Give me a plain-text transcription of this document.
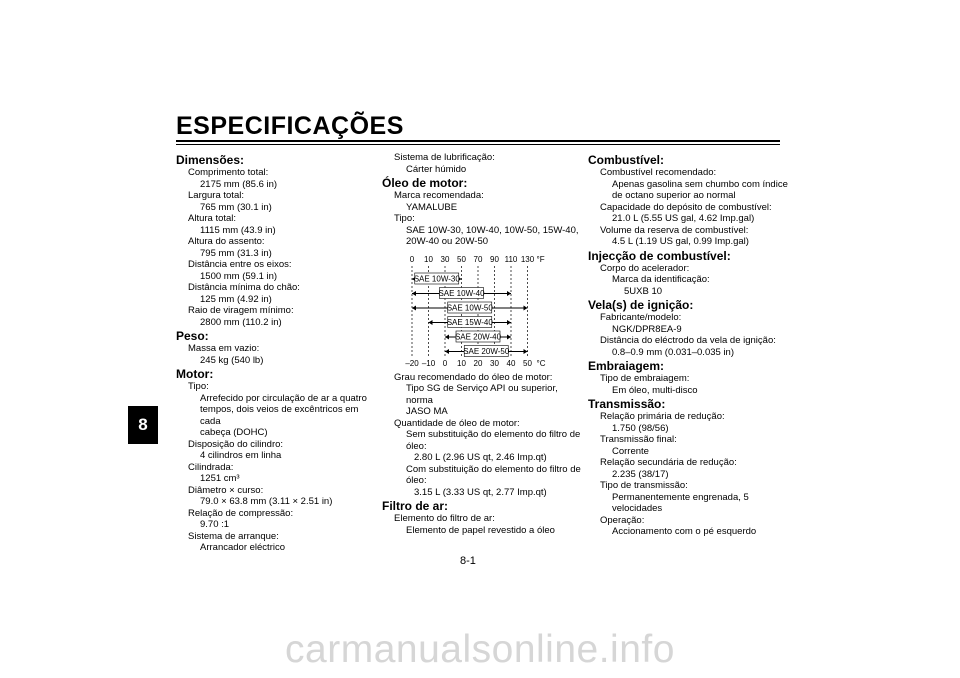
ESPECIFICAÇÕES
8
Dimensões:
Comprimento total:
2175 mm (85.6 in)
Largura total:
765 mm (30.1 in)
Altura total:
1115 mm (43.9 in)
Altura do assento:
795 mm (31.3 in)
Distância entre os eixos:
1500 mm (59.1 in)
Distância mínima do chão:
125 mm (4.92 in)
Raio de viragem mínimo:
2800 mm (110.2 in)
Peso:
Massa em vazio:
245 kg (540 lb)
Motor:
Tipo:
Arrefecido por circulação de ar a quatro
tempos, dois veios de excêntricos em cada
cabeça (DOHC)
Disposição do cilindro:
4 cilindros em linha
Cilindrada:
1251 cm³
Diâmetro × curso:
79.0 × 63.8 mm (3.11 × 2.51 in)
Relação de compressão:
9.70 :1
Sistema de arranque:
Arrancador eléctrico
Sistema de lubrificação:
Cárter húmido
Óleo de motor:
Marca recomendada:
YAMALUBE
Tipo:
SAE 10W-30, 10W-40, 10W-50, 15W-40,
20W-40 ou 20W-50
0 10 30 50 70 90 110 130 °F
–20 –10 0 10 20 30 40 50 °C
SAE 10W-30
SAE 10W-40
SAE 10W-50
SAE 15W-40
SAE 20W-40
SAE 20W-50
Grau recomendado do óleo de motor:
Tipo SG de Serviço API ou superior, norma
JASO MA
Quantidade de óleo de motor:
Sem substituição do elemento do filtro de
óleo:
2.80 L (2.96 US qt, 2.46 Imp.qt)
Com substituição do elemento do filtro de
óleo:
3.15 L (3.33 US qt, 2.77 Imp.qt)
Filtro de ar:
Elemento do filtro de ar:
Elemento de papel revestido a óleo
Combustível:
Combustível recomendado:
Apenas gasolina sem chumbo com índice
de octano superior ao normal
Capacidade do depósito de combustível:
21.0 L (5.55 US gal, 4.62 Imp.gal)
Volume da reserva de combustível:
4.5 L (1.19 US gal, 0.99 Imp.gal)
Injecção de combustível:
Corpo do acelerador:
Marca da identificação:
5UXB 10
Vela(s) de ignição:
Fabricante/modelo:
NGK/DPR8EA-9
Distância do eléctrodo da vela de ignição:
0.8–0.9 mm (0.031–0.035 in)
Embraiagem:
Tipo de embraiagem:
Em óleo, multi-disco
Transmissão:
Relação primária de redução:
1.750 (98/56)
Transmissão final:
Corrente
Relação secundária de redução:
2.235 (38/17)
Tipo de transmissão:
Permanentemente engrenada, 5
velocidades
Operação:
Accionamento com o pé esquerdo
8-1
carmanualsonline.info
